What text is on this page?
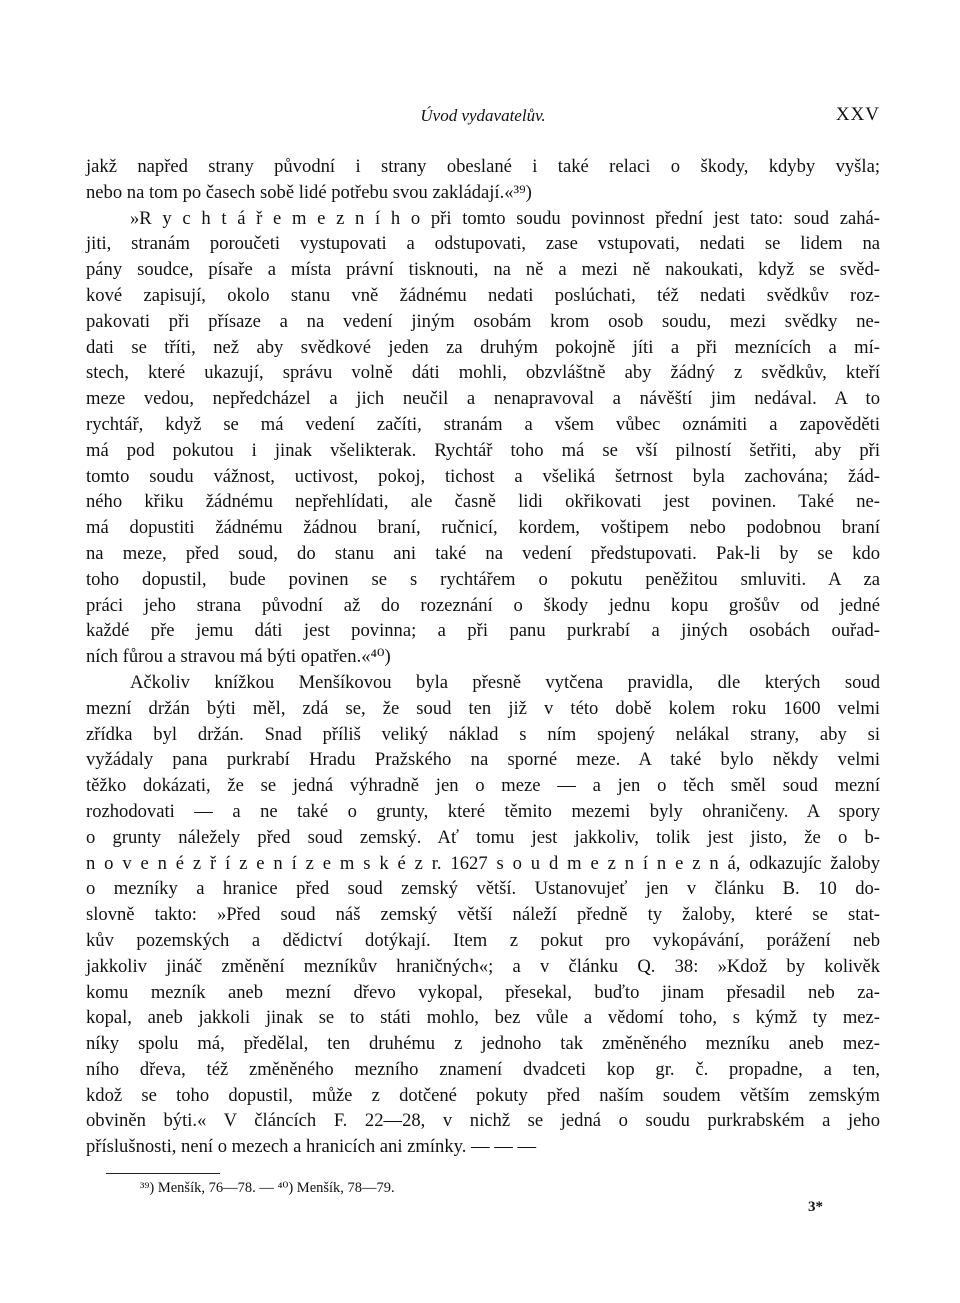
Úvod vydavatelův.	XXV
jakž napřed strany původní i strany obeslané i také relaci o škody, kdyby vyšla;
nebo na tom po časech sobě lidé potřebu svou zakládají.«³⁹)
»R y c h t á ř e m e z n í h o při tomto soudu povinnost přední jest tato: soud zahá-
jiti, stranám poroučeti vystupovati a odstupovati, zase vstupovati, nedati se lidem na
pány soudce, písaře a místa právní tisknouti, na ně a mezi ně nakoukati, když se svěd-
kové zapisují, okolo stanu vně žádnému nedati poslúchati, též nedati svědkův roz-
pakovati při přísaze a na vedení jiným osobám krom osob soudu, mezi svědky ne-
dati se tříti, než aby svědkové jeden za druhým pokojně jíti a při meznících a mí-
stech, které ukazují, správu volně dáti mohli, obzvláštně aby žádný z svědkův, kteří
meze vedou, nepředcházel a jich neučil a nenapravoval a návěští jim nedával. A to
rychtář, když se má vedení začíti, stranám a všem vůbec oznámiti a zapověděti
má pod pokutou i jinak všelikterak. Rychtář toho má se vší pilností šetřiti, aby při
tomto soudu vážnost, uctivost, pokoj, tichost a všeliká šetrnost byla zachována; žád-
ného křiku žádnému nepřehlídati, ale časně lidi okřikovati jest povinen. Také ne-
má dopustiti žádnému žádnou braní, ručnicí, kordem, voštipem nebo podobnou braní
na meze, před soud, do stanu ani také na vedení předstupovati. Pak-li by se kdo
toho dopustil, bude povinen se s rychtářem o pokutu peněžitou smluviti. A za
práci jeho strana původní až do rozeznání o škody jednu kopu grošův od jedné
každé pře jemu dáti jest povinna; a při panu purkrabí a jiných osobách ouřad-
ních fůrou a stravou má býti opatřen.«⁴⁰)
Ačkoliv knížkou Menšíkovou byla přesně vytčena pravidla, dle kterých soud
mezní držán býti měl, zdá se, že soud ten již v této době kolem roku 1600 velmi
zřídka byl držán. Snad příliš veliký náklad s ním spojený nelákal strany, aby si
vyžádaly pana purkrabí Hradu Pražského na sporné meze. A také bylo někdy velmi
těžko dokázati, že se jedná výhradně jen o meze — a jen o těch směl soud mezní
rozhodovati — a ne také o grunty, které těmito mezemi byly ohraničeny. A spory
o grunty náležely před soud zemský. Ať tomu jest jakkoliv, tolik jest jisto, že o b-
n o v e n é z ř í z e n í z e m s k é z r. 1627 s o u d m e z n í n e z n á, odkazujíc žaloby
o mezníky a hranice před soud zemský větší. Ustanovujeť jen v článku B. 10 do-
slovně takto: »Před soud náš zemský větší náleží předně ty žaloby, které se stat-
kův pozemských a dědictví dotýkají. Item z pokut pro vykopávání, porážení neb
jakkoliv jináč změnění mezníkův hraničných«; a v článku Q. 38: »Kdož by kolivěk
komu mezník aneb mezní dřevo vykopal, přesekal, buďto jinam přesadil neb za-
kopal, aneb jakkoli jinak se to státi mohlo, bez vůle a vědomí toho, s kýmž ty mez-
níky spolu má, předělal, ten druhému z jednoho tak změněného mezníku aneb mez-
ního dřeva, též změněného mezního znamení dvadceti kop gr. č. propadne, a ten,
kdož se toho dopustil, může z dotčené pokuty před naším soudem větším zemským
obviněn býti.« V článcích F. 22—28, v nichž se jedná o soudu purkrabském a jeho
příslušnosti, není o mezech a hranicích ani zmínky. — — —
³⁹) Menšík, 76—78. — ⁴⁰) Menšík, 78—79.
3*
